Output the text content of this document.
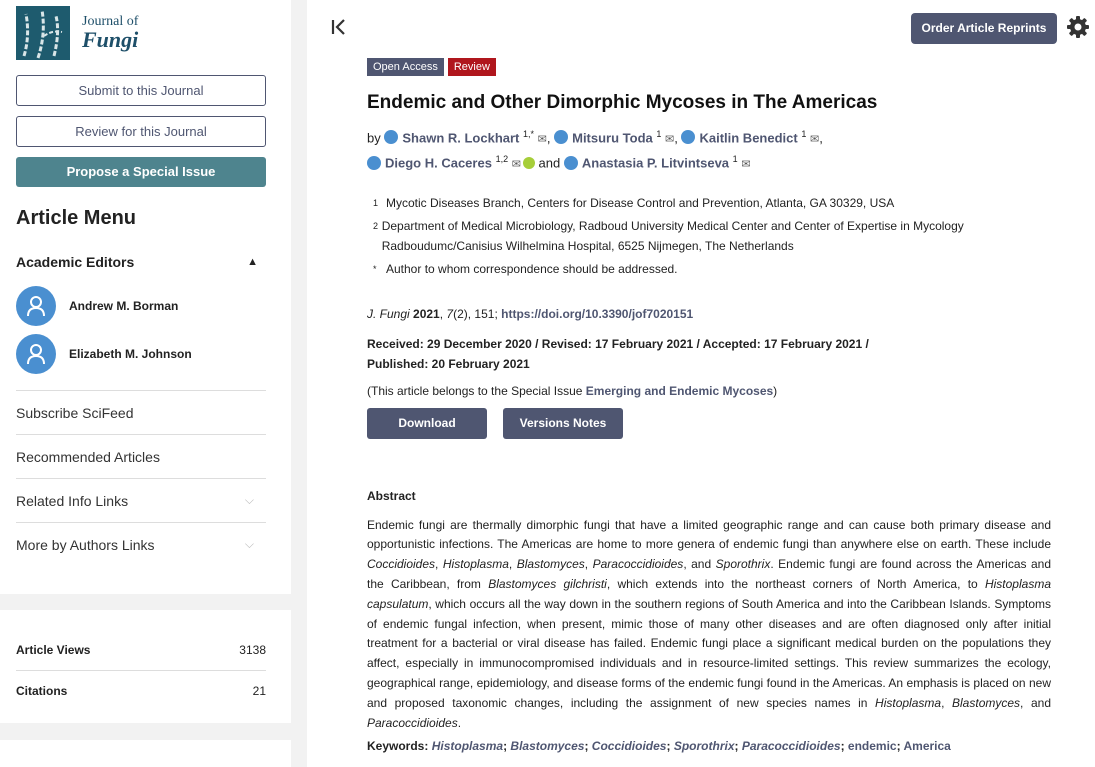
Journal of
Fungi
Submit to this Journal
Review for this Journal
Propose a Special Issue
Article Menu
Academic Editors	▲
Andrew M. Borman
Elizabeth M. Johnson
Subscribe SciFeed
Recommended Articles
Related Info Links	⌵
More by Authors Links	⌵
Article Views	3138
Citations	21
Order Article Reprints
Open Access	Review
Endemic and Other Dimorphic Mycoses in The Americas
by Shawn R. Lockhart $^{1,*}$ ✉, Mitsuru Toda $^1$ ✉, Kaitlin Benedict $^1$ ✉,
Diego H. Caceres $^{1,2}$ ✉ and Anastasia P. Litvintseva $^1$ ✉
1 Mycotic Diseases Branch, Centers for Disease Control and Prevention, Atlanta, GA 30329, USA
2 Department of Medical Microbiology, Radboud University Medical Center and Center of Expertise in Mycology Radboudumc/Canisius Wilhelmina Hospital, 6525 Nijmegen, The Netherlands
* Author to whom correspondence should be addressed.
J. Fungi 2021, 7(2), 151; https://doi.org/10.3390/jof7020151
Received: 29 December 2020 / Revised: 17 February 2021 / Accepted: 17 February 2021 /
Published: 20 February 2021
(This article belongs to the Special Issue Emerging and Endemic Mycoses)
Download	Versions Notes
Abstract
Endemic fungi are thermally dimorphic fungi that have a limited geographic range and can cause both primary disease and opportunistic infections. The Americas are home to more genera of endemic fungi than anywhere else on earth. These include Coccidioides, Histoplasma, Blastomyces, Paracoccidioides, and Sporothrix. Endemic fungi are found across the Americas and the Caribbean, from Blastomyces gilchristi, which extends into the northeast corners of North America, to Histoplasma capsulatum, which occurs all the way down in the southern regions of South America and into the Caribbean Islands. Symptoms of endemic fungal infection, when present, mimic those of many other diseases and are often diagnosed only after initial treatment for a bacterial or viral disease has failed. Endemic fungi place a significant medical burden on the populations they affect, especially in immunocompromised individuals and in resource-limited settings. This review summarizes the ecology, geographical range, epidemiology, and disease forms of the endemic fungi found in the Americas. An emphasis is placed on new and proposed taxonomic changes, including the assignment of new species names in Histoplasma, Blastomyces, and Paracoccidioides.
Keywords: Histoplasma; Blastomyces; Coccidioides; Sporothrix; Paracoccidioides; endemic; America
